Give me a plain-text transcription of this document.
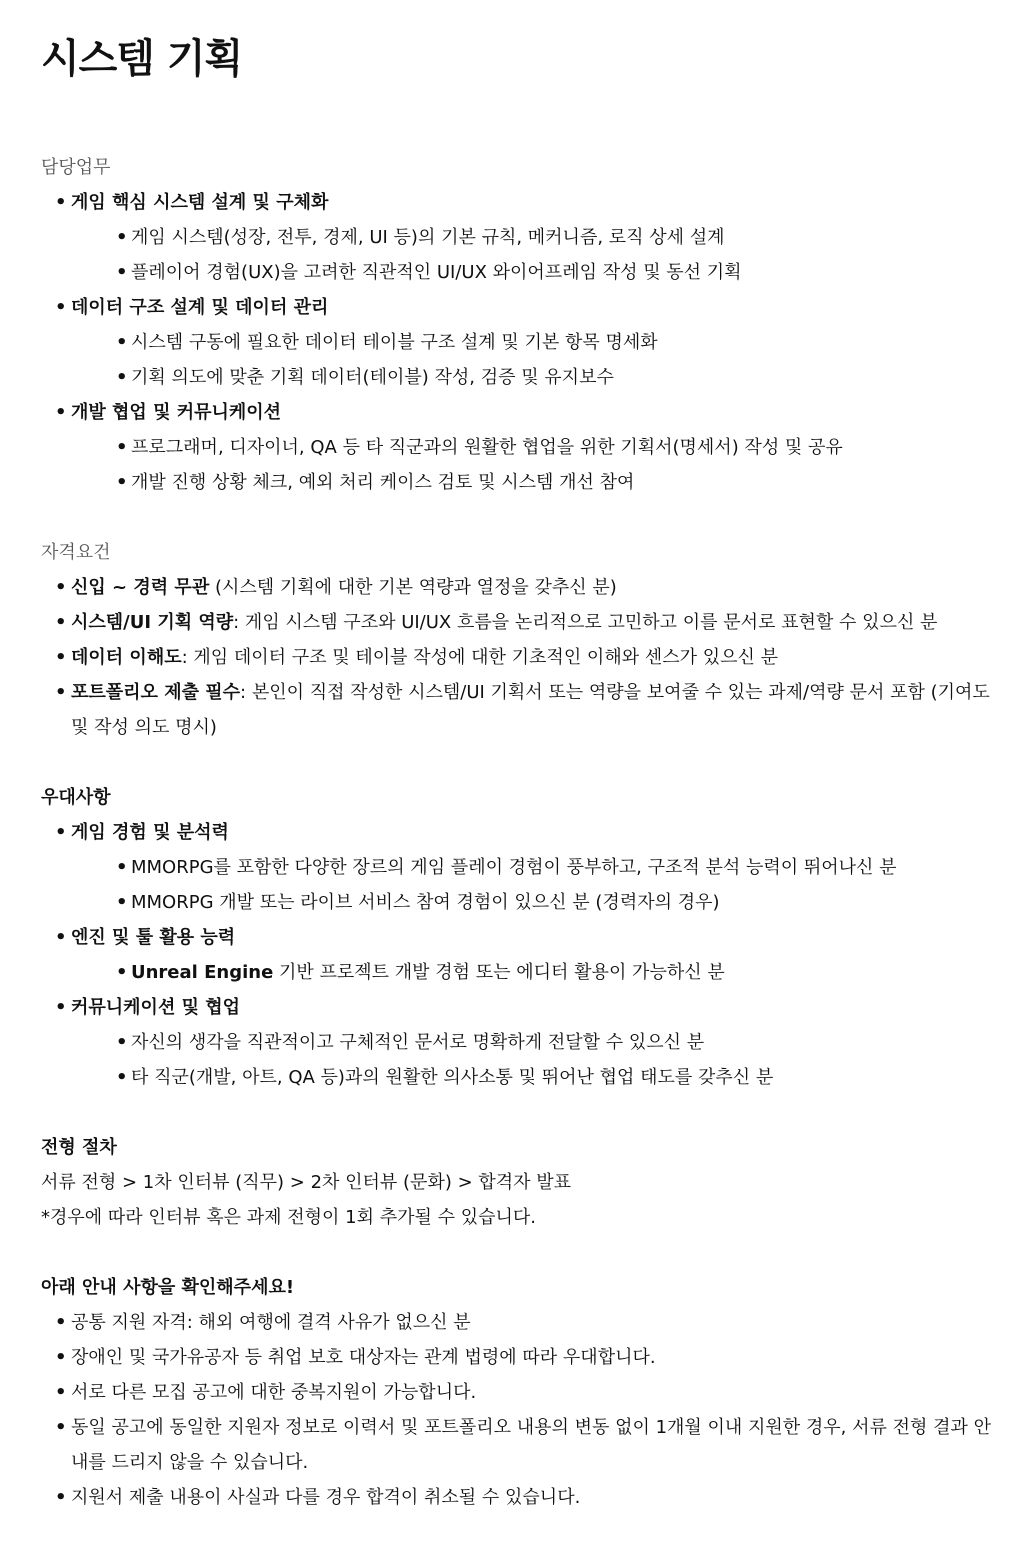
시스템 기획

담당업무

• 게임 핵심 시스템 설계 및 구체화
• 게임 시스템(성장, 전투, 경제, UI 등)의 기본 규칙, 메커니즘, 로직 상세 설계
• 플레이어 경험(UX)을 고려한 직관적인 UI/UX 와이어프레임 작성 및 동선 기획
• 데이터 구조 설계 및 데이터 관리
• 시스템 구동에 필요한 데이터 테이블 구조 설계 및 기본 항목 명세화
• 기획 의도에 맞춘 기획 데이터(테이블) 작성, 검증 및 유지보수
• 개발 협업 및 커뮤니케이션
• 프로그래머, 디자이너, QA 등 타 직군과의 원활한 협업을 위한 기획서(명세서) 작성 및 공유
• 개발 진행 상황 체크, 예외 처리 케이스 검토 및 시스템 개선 참여

자격요건

• 신입 ~ 경력 무관 (시스템 기획에 대한 기본 역량과 열정을 갖추신 분)
• 시스템/UI 기획 역량: 게임 시스템 구조와 UI/UX 흐름을 논리적으로 고민하고 이를 문서로 표현할 수 있으신 분
• 데이터 이해도: 게임 데이터 구조 및 테이블 작성에 대한 기초적인 이해와 센스가 있으신 분
• 포트폴리오 제출 필수: 본인이 직접 작성한 시스템/UI 기획서 또는 역량을 보여줄 수 있는 과제/역량 문서 포함 (기여도 및 작성 의도 명시)

우대사항

• 게임 경험 및 분석력
• MMORPG를 포함한 다양한 장르의 게임 플레이 경험이 풍부하고, 구조적 분석 능력이 뛰어나신 분
• MMORPG 개발 또는 라이브 서비스 참여 경험이 있으신 분 (경력자의 경우)
• 엔진 및 툴 활용 능력
• Unreal Engine 기반 프로젝트 개발 경험 또는 에디터 활용이 가능하신 분
• 커뮤니케이션 및 협업
• 자신의 생각을 직관적이고 구체적인 문서로 명확하게 전달할 수 있으신 분
• 타 직군(개발, 아트, QA 등)과의 원활한 의사소통 및 뛰어난 협업 태도를 갖추신 분

전형 절차

서류 전형 > 1차 인터뷰 (직무) > 2차 인터뷰 (문화) > 합격자 발표

*경우에 따라 인터뷰 혹은 과제 전형이 1회 추가될 수 있습니다.

아래 안내 사항을 확인해주세요!

• 공통 지원 자격: 해외 여행에 결격 사유가 없으신 분
• 장애인 및 국가유공자 등 취업 보호 대상자는 관계 법령에 따라 우대합니다.
• 서로 다른 모집 공고에 대한 중복지원이 가능합니다.
• 동일 공고에 동일한 지원자 정보로 이력서 및 포트폴리오 내용의 변동 없이 1개월 이내 지원한 경우, 서류 전형 결과 안내를 드리지 않을 수 있습니다.
• 지원서 제출 내용이 사실과 다를 경우 합격이 취소될 수 있습니다.
